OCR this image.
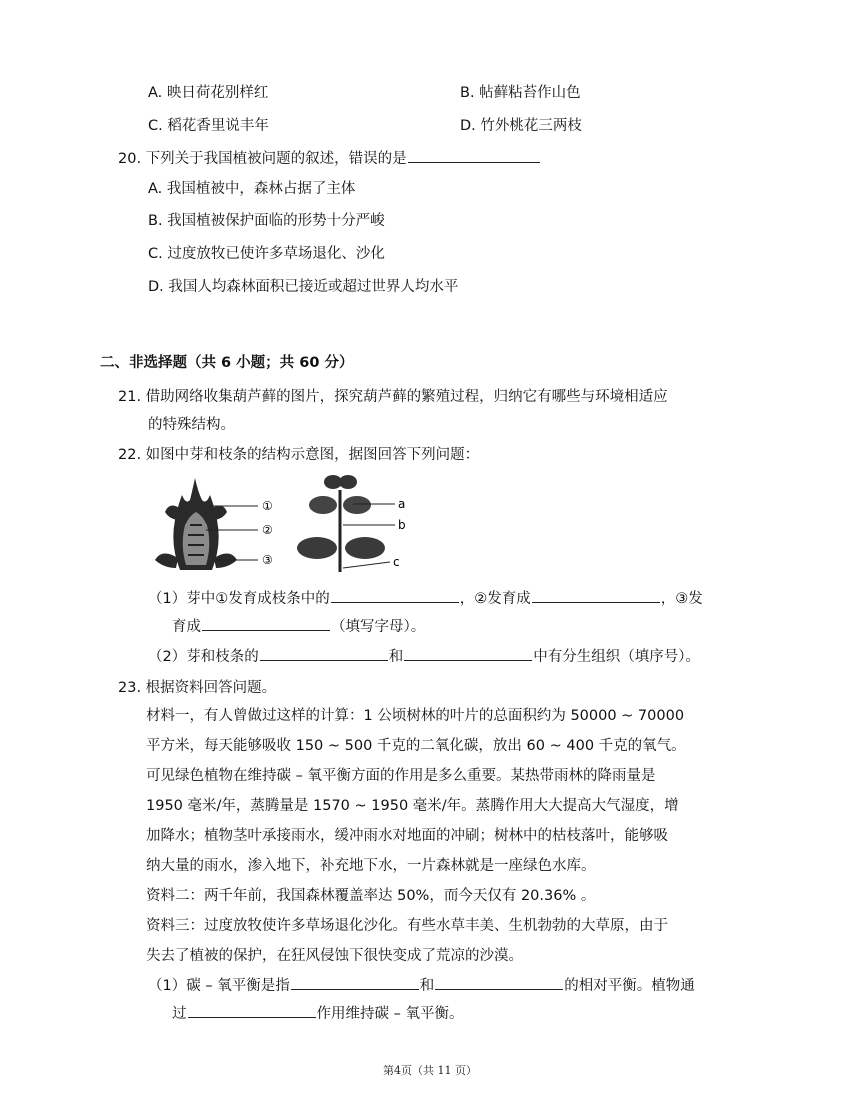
A. 映日荷花别样红	B. 帖藓粘苔作山色
C. 稻花香里说丰年	D. 竹外桃花三两枝
20. 下列关于我国植被问题的叙述，错误的是
A. 我国植被中，森林占据了主体
B. 我国植被保护面临的形势十分严峻
C. 过度放牧已使许多草场退化、沙化
D. 我国人均森林面积已接近或超过世界人均水平
二、非选择题（共 6 小题；共 60 分）
21. 借助网络收集葫芦藓的图片，探究葫芦藓的繁殖过程，归纳它有哪些与环境相适应
的特殊结构。
22. 如图中芽和枝条的结构示意图，据图回答下列问题：
①
②
③
a
b
c
（1）芽中①发育成枝条中的	，②发育成	，③发
育成	（填写字母）。
（2）芽和枝条的	和	中有分生组织（填序号）。
23. 根据资料回答问题。
材料一，有人曾做过这样的计算：1 公顷树林的叶片的总面积约为 50000 ~ 70000
平方米，每天能够吸收 150 ~ 500 千克的二氧化碳，放出 60 ~ 400 千克的氧气。
可见绿色植物在维持碳 – 氧平衡方面的作用是多么重要。某热带雨林的降雨量是
1950 毫米/年，蒸腾量是 1570 ~ 1950 毫米/年。蒸腾作用大大提高大气湿度，增
加降水；植物茎叶承接雨水，缓冲雨水对地面的冲刷；树林中的枯枝落叶，能够吸
纳大量的雨水，渗入地下，补充地下水，一片森林就是一座绿色水库。
资料二：两千年前，我国森林覆盖率达 50%，而今天仅有 20.36% 。
资料三：过度放牧使许多草场退化沙化。有些水草丰美、生机勃勃的大草原，由于
失去了植被的保护，在狂风侵蚀下很快变成了荒凉的沙漠。
（1）碳 – 氧平衡是指	和	的相对平衡。植物通
过	作用维持碳 – 氧平衡。
第4页（共 11 页）
